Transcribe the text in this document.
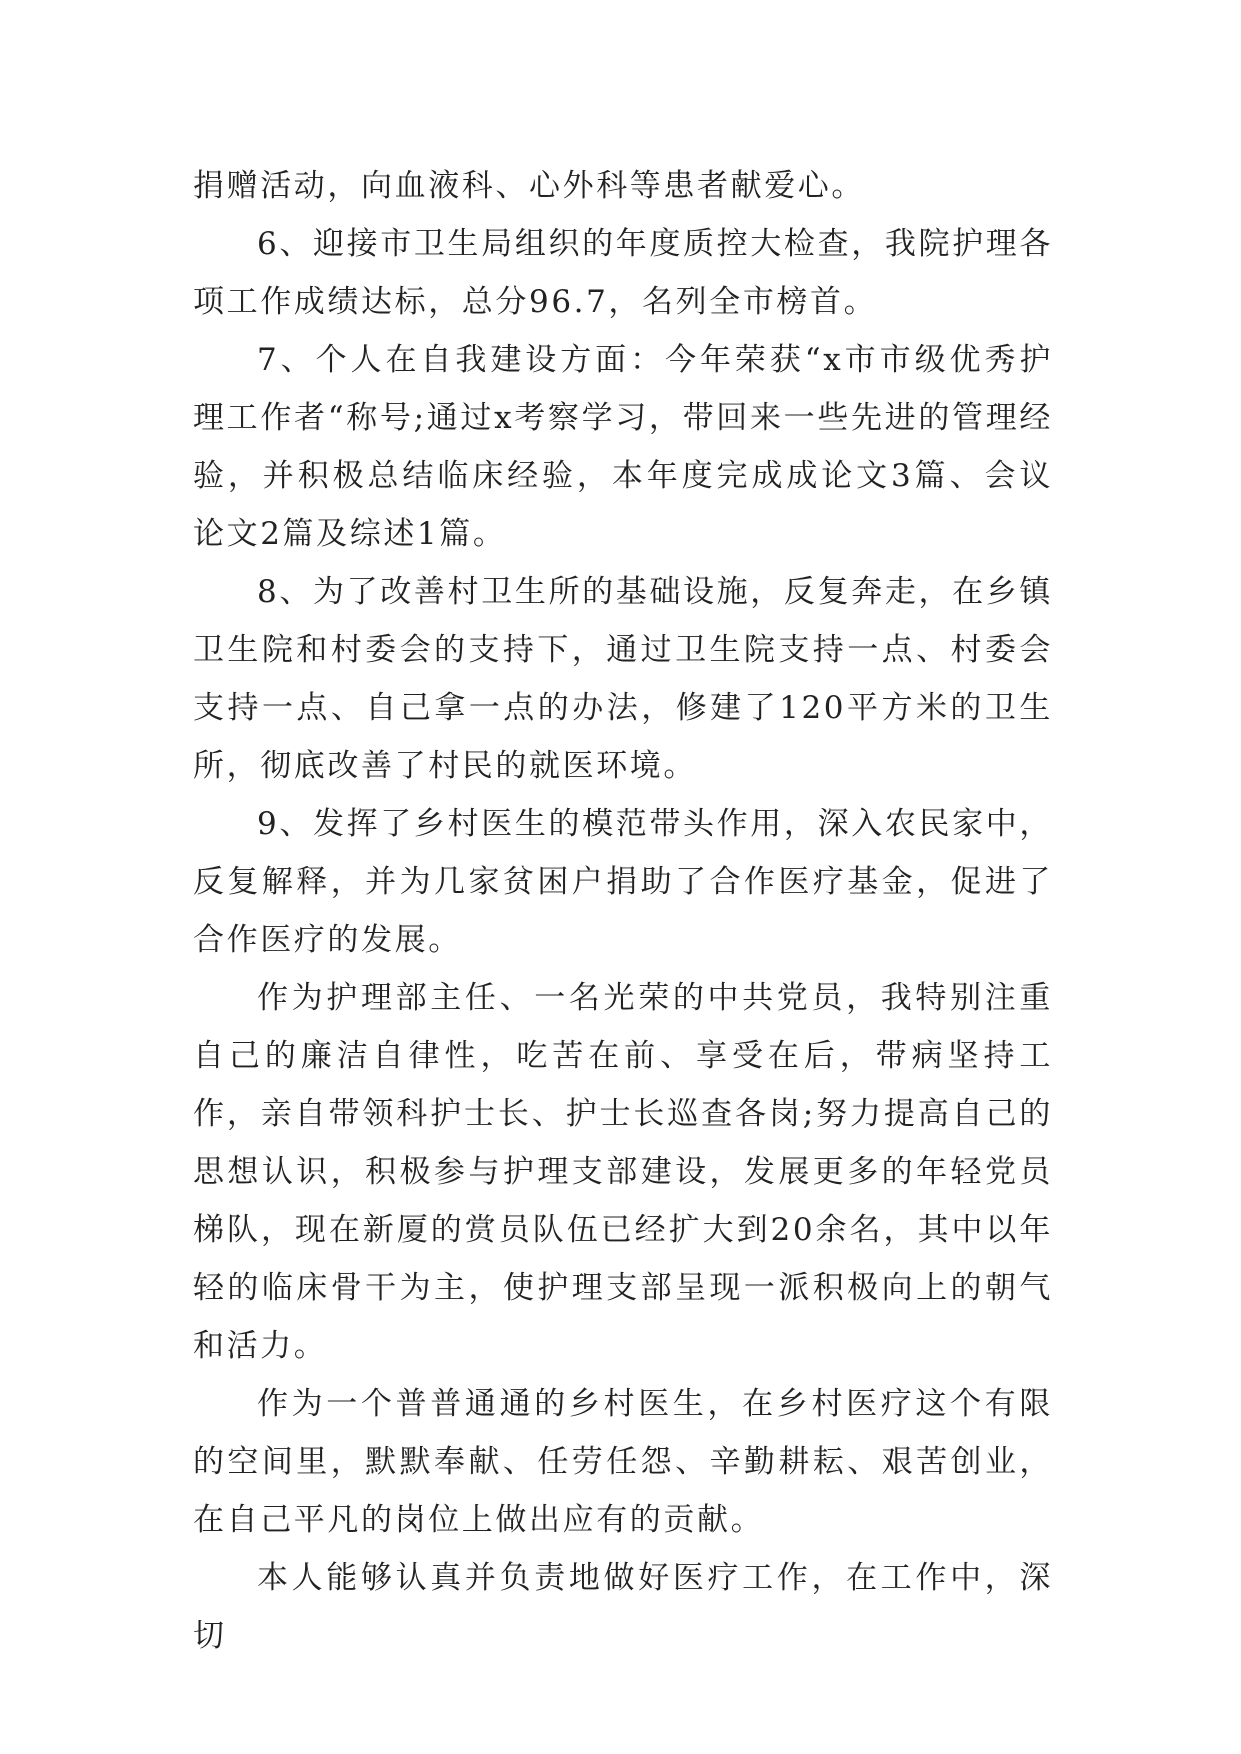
捐赠活动，向血液科、心外科等患者献爱心。

6、迎接市卫生局组织的年度质控大检查，我院护理各项工作成绩达标，总分96.7，名列全市榜首。

7、个人在自我建设方面：今年荣获“x市市级优秀护理工作者“称号;通过x考察学习，带回来一些先进的管理经验，并积极总结临床经验，本年度完成成论文3篇、会议论文2篇及综述1篇。

8、为了改善村卫生所的基础设施，反复奔走，在乡镇卫生院和村委会的支持下，通过卫生院支持一点、村委会支持一点、自己拿一点的办法，修建了120平方米的卫生所，彻底改善了村民的就医环境。

9、发挥了乡村医生的模范带头作用，深入农民家中，反复解释，并为几家贫困户捐助了合作医疗基金，促进了合作医疗的发展。

作为护理部主任、一名光荣的中共党员，我特别注重自己的廉洁自律性，吃苦在前、享受在后，带病坚持工作，亲自带领科护士长、护士长巡查各岗;努力提高自己的思想认识，积极参与护理支部建设，发展更多的年轻党员梯队，现在新厦的赏员队伍已经扩大到20余名，其中以年轻的临床骨干为主，使护理支部呈现一派积极向上的朝气和活力。

作为一个普普通通的乡村医生，在乡村医疗这个有限的空间里，默默奉献、任劳任怨、辛勤耕耘、艰苦创业，在自己平凡的岗位上做出应有的贡献。

本人能够认真并负责地做好医疗工作，在工作中，深切
